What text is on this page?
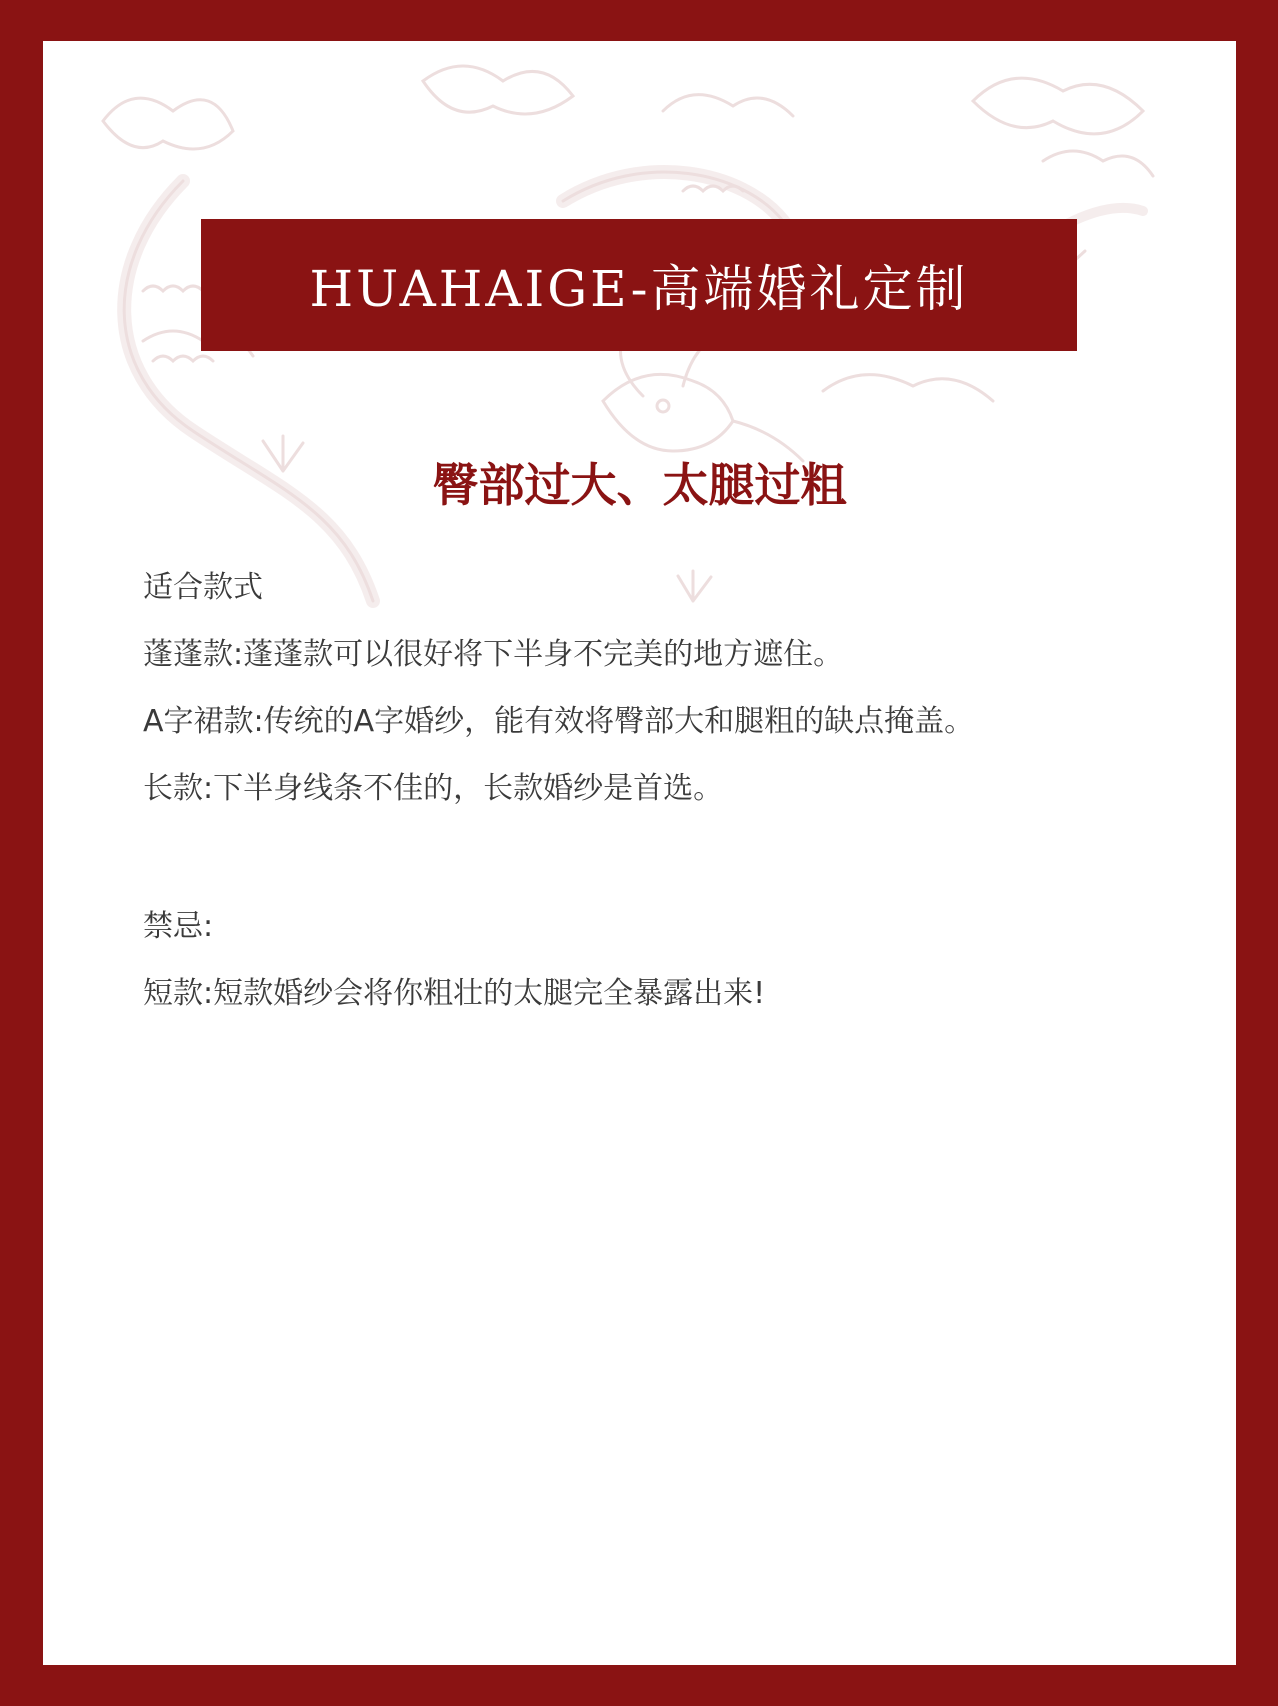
HUAHAIGE-高端婚礼定制
臀部过大、太腿过粗
适合款式
蓬蓬款:蓬蓬款可以很好将下半身不完美的地方遮住。
A字裙款:传统的A字婚纱，能有效将臀部大和腿粗的缺点掩盖。
长款:下半身线条不佳的，长款婚纱是首选。
禁忌:
短款:短款婚纱会将你粗壮的太腿完全暴露出来!
